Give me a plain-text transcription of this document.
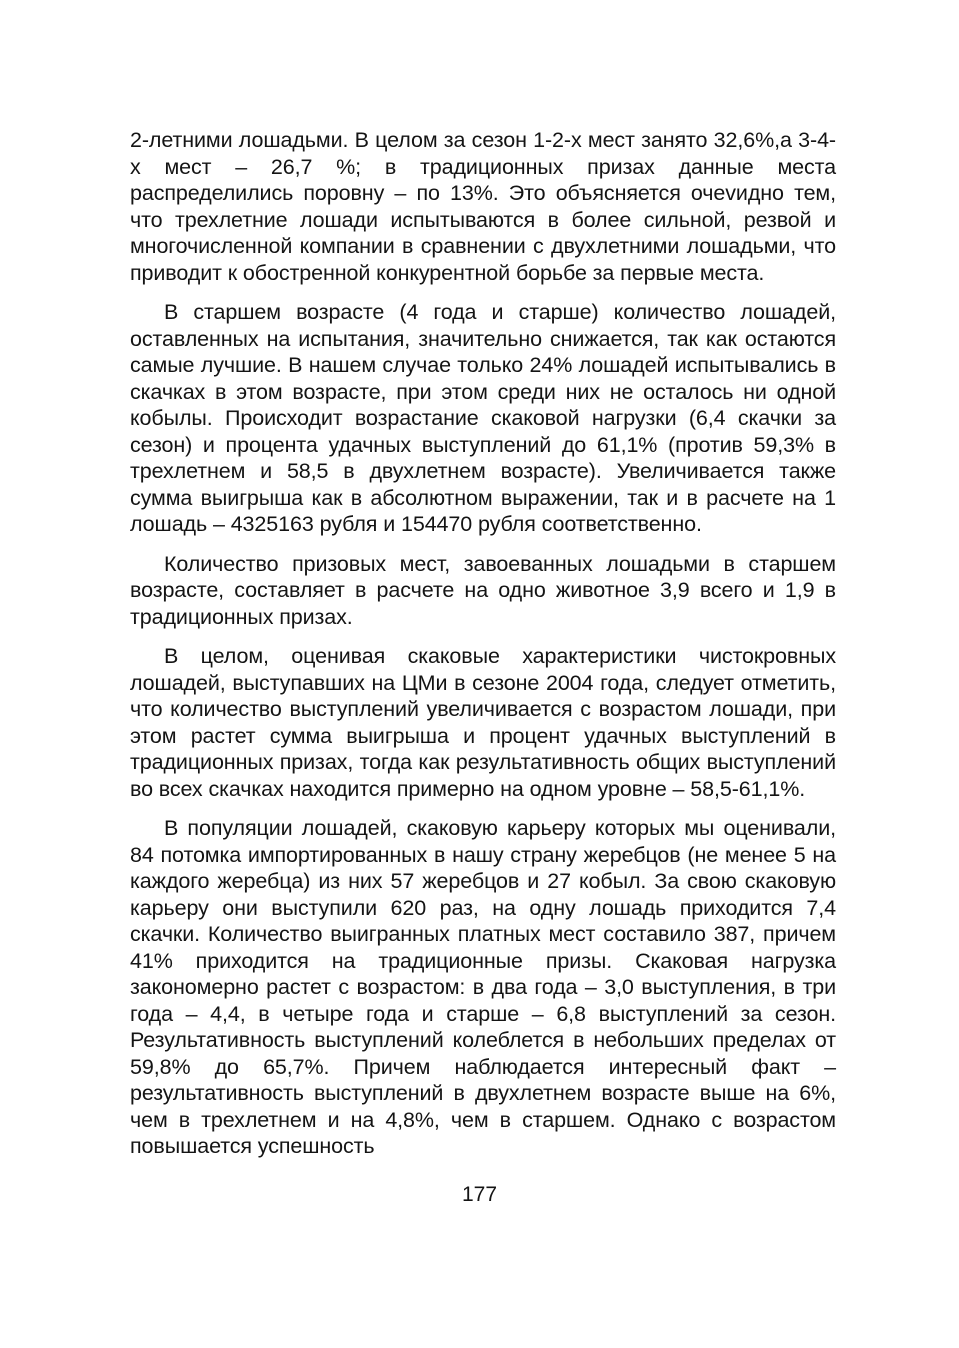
2-летними лошадьми. В целом за сезон 1-2-х мест занято 32,6%,а 3-4-х мест – 26,7 %; в традиционных призах данные места распределились поровну – по 13%. Это объясняется очеvидно тем, что трехлетние лошади испытываются в более сильной, резвой и многочисленной компании в сравнении с двухлетними лошадьми, что приводит к обостренной конкурентной борьбе за первые места.

В старшем возрасте (4 года и старше) количество лошадей, оставленных на испытания, значительно снижается, так как остаются самые лучшие. В нашем случае только 24% лошадей испытывались в скачках в этом возрасте, при этом среди них не осталось ни одной кобылы. Происходит возрастание скаковой нагрузки (6,4 скачки за сезон) и процента удачных выступлений до 61,1% (против 59,3% в трехлетнем и 58,5 в двухлетнем возрасте). Увеличивается также сумма выигрыша как в абсолютном выражении, так и в расчете на 1 лошадь – 4325163 рубля и 154470 рубля соответственно.

Количество призовых мест, завоеванных лошадьми в старшем возрасте, составляет в расчете на одно животное 3,9 всего и 1,9 в традиционных призах.

В целом, оценивая скаковые характеристики чистокровных лошадей, выступавших на ЦМи в сезоне 2004 года, следует отметить, что количество выступлений увеличивается с возрастом лошади, при этом растет сумма выигрыша и процент удачных выступлений в традиционных призах, тогда как результативность общих выступлений во всех скачках находится примерно на одном уровне – 58,5-61,1%.

В популяции лошадей, скаковую карьеру которых мы оценивали, 84 потомка импортированных в нашу страну жеребцов (не менее 5 на каждого жеребца) из них 57 жеребцов и 27 кобыл. За свою скаковую карьеру они выступили 620 раз, на одну лошадь приходится 7,4 скачки. Количество выигранных платных мест составило 387, причем 41% приходится на традиционные призы. Скаковая нагрузка закономерно растет с возрастом: в два года – 3,0 выступления, в три года – 4,4, в четыре года и старше – 6,8 выступлений за сезон. Результативность выступлений колеблется в небольших пределах от 59,8% до 65,7%. Причем наблюдается интересный факт – результативность выступлений в двухлетнем возрасте выше на 6%, чем в трехлетнем и на 4,8%, чем в старшем. Однако с возрастом повышается успешность

177
